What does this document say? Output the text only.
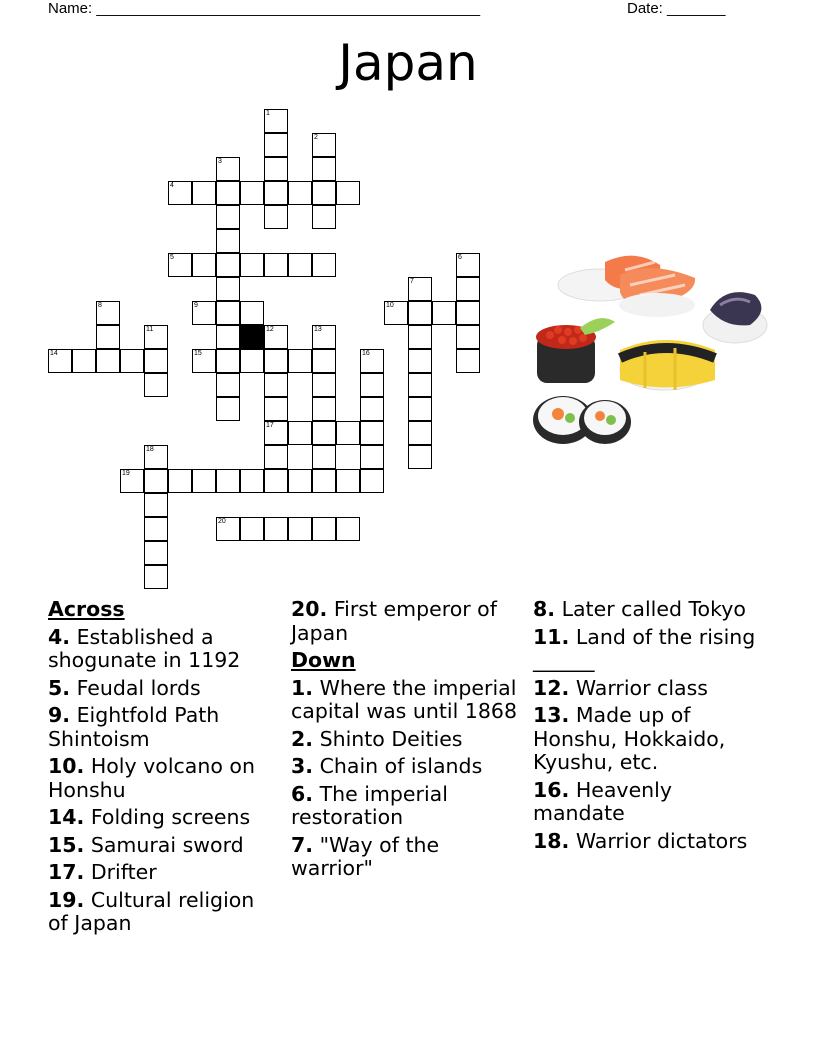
Name: ______________________________________________	Date: _______
Japan
1
2
3
4
5	6
7
8	9	10
11	12
17
13
14	15	16
18
19
20
Across
4. Established a shogunate in 1192
5. Feudal lords
9. Eightfold Path Shintoism
10. Holy volcano on Honshu
14. Folding screens
15. Samurai sword
17. Drifter
19. Cultural religion of Japan
20. First emperor of Japan
Down
1. Where the imperial capital was until 1868
2. Shinto Deities
3. Chain of islands
6. The imperial restoration
7. "Way of the warrior"
8. Later called Tokyo
11. Land of the rising ______
12. Warrior class
13. Made up of Honshu, Hokkaido, Kyushu, etc.
16. Heavenly mandate
18. Warrior dictators
